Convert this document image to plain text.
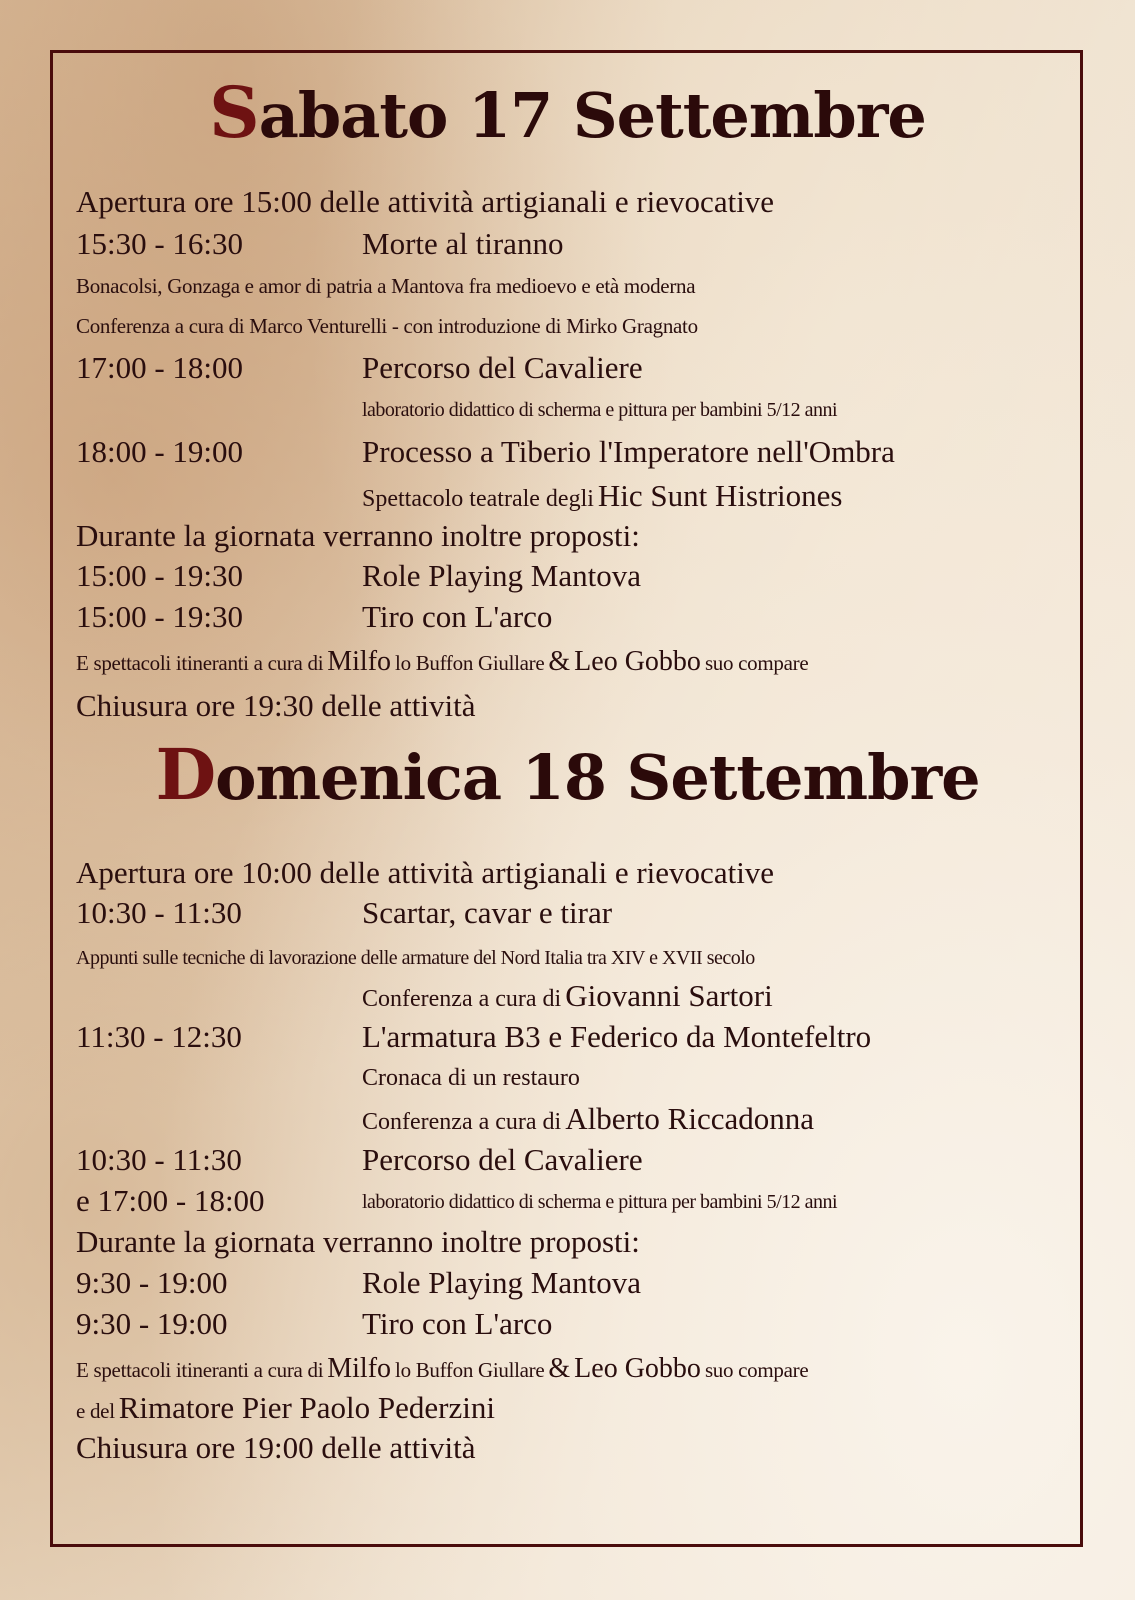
Sabato 17 Settembre
Apertura ore 15:00 delle attività artigianali e rievocative
15:30 - 16:30	Morte al tiranno
Bonacolsi, Gonzaga e amor di patria a Mantova fra medioevo e età moderna
Conferenza a cura di Marco Venturelli - con introduzione di Mirko Gragnato
17:00 - 18:00	Percorso del Cavaliere
laboratorio didattico di scherma e pittura per bambini 5/12 anni
18:00 - 19:00	Processo a Tiberio l'Imperatore nell'Ombra
Spettacolo teatrale degli Hic Sunt Histriones
Durante la giornata verranno inoltre proposti:
15:00 - 19:30	Role Playing Mantova
15:00 - 19:30	Tiro con L'arco
E spettacoli itineranti a cura di Milfo lo Buffon Giullare & Leo Gobbo suo compare
Chiusura ore 19:30 delle attività
Domenica 18 Settembre
Apertura ore 10:00 delle attività artigianali e rievocative
10:30 - 11:30	Scartar, cavar e tirar
Appunti sulle tecniche di lavorazione delle armature del Nord Italia tra XIV e XVII secolo
Conferenza a cura di Giovanni Sartori
11:30 - 12:30	L'armatura B3 e Federico da Montefeltro
Cronaca di un restauro
Conferenza a cura di Alberto Riccadonna
10:30 - 11:30	Percorso del Cavaliere
e 17:00 - 18:00	laboratorio didattico di scherma e pittura per bambini 5/12 anni
Durante la giornata verranno inoltre proposti:
9:30 - 19:00	Role Playing Mantova
9:30 - 19:00	Tiro con L'arco
E spettacoli itineranti a cura di Milfo lo Buffon Giullare & Leo Gobbo suo compare
e del Rimatore Pier Paolo Pederzini
Chiusura ore 19:00 delle attività
